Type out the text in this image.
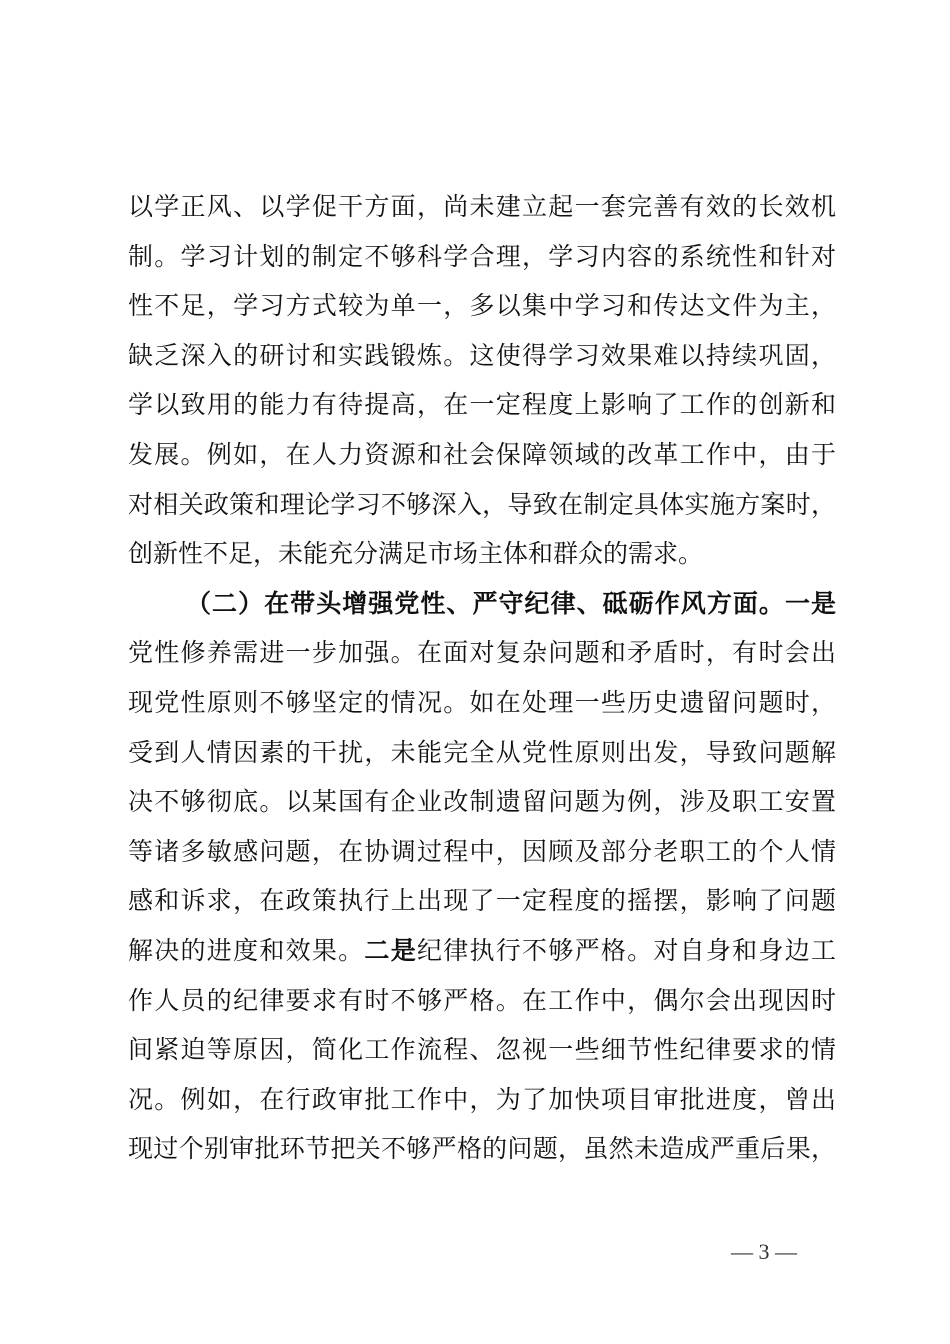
以学正风、以学促干方面，尚未建立起一套完善有效的长效机
制。学习计划的制定不够科学合理，学习内容的系统性和针对
性不足，学习方式较为单一，多以集中学习和传达文件为主，
缺乏深入的研讨和实践锻炼。这使得学习效果难以持续巩固，
学以致用的能力有待提高，在一定程度上影响了工作的创新和
发展。例如，在人力资源和社会保障领域的改革工作中，由于
对相关政策和理论学习不够深入，导致在制定具体实施方案时，
创新性不足，未能充分满足市场主体和群众的需求。
（二）在带头增强党性、严守纪律、砥砺作风方面。一是
党性修养需进一步加强。在面对复杂问题和矛盾时，有时会出
现党性原则不够坚定的情况。如在处理一些历史遗留问题时，
受到人情因素的干扰，未能完全从党性原则出发，导致问题解
决不够彻底。以某国有企业改制遗留问题为例，涉及职工安置
等诸多敏感问题，在协调过程中，因顾及部分老职工的个人情
感和诉求，在政策执行上出现了一定程度的摇摆，影响了问题
解决的进度和效果。二是纪律执行不够严格。对自身和身边工
作人员的纪律要求有时不够严格。在工作中，偶尔会出现因时
间紧迫等原因，简化工作流程、忽视一些细节性纪律要求的情
况。例如，在行政审批工作中，为了加快项目审批进度，曾出
现过个别审批环节把关不够严格的问题，虽然未造成严重后果，
— 3 —
